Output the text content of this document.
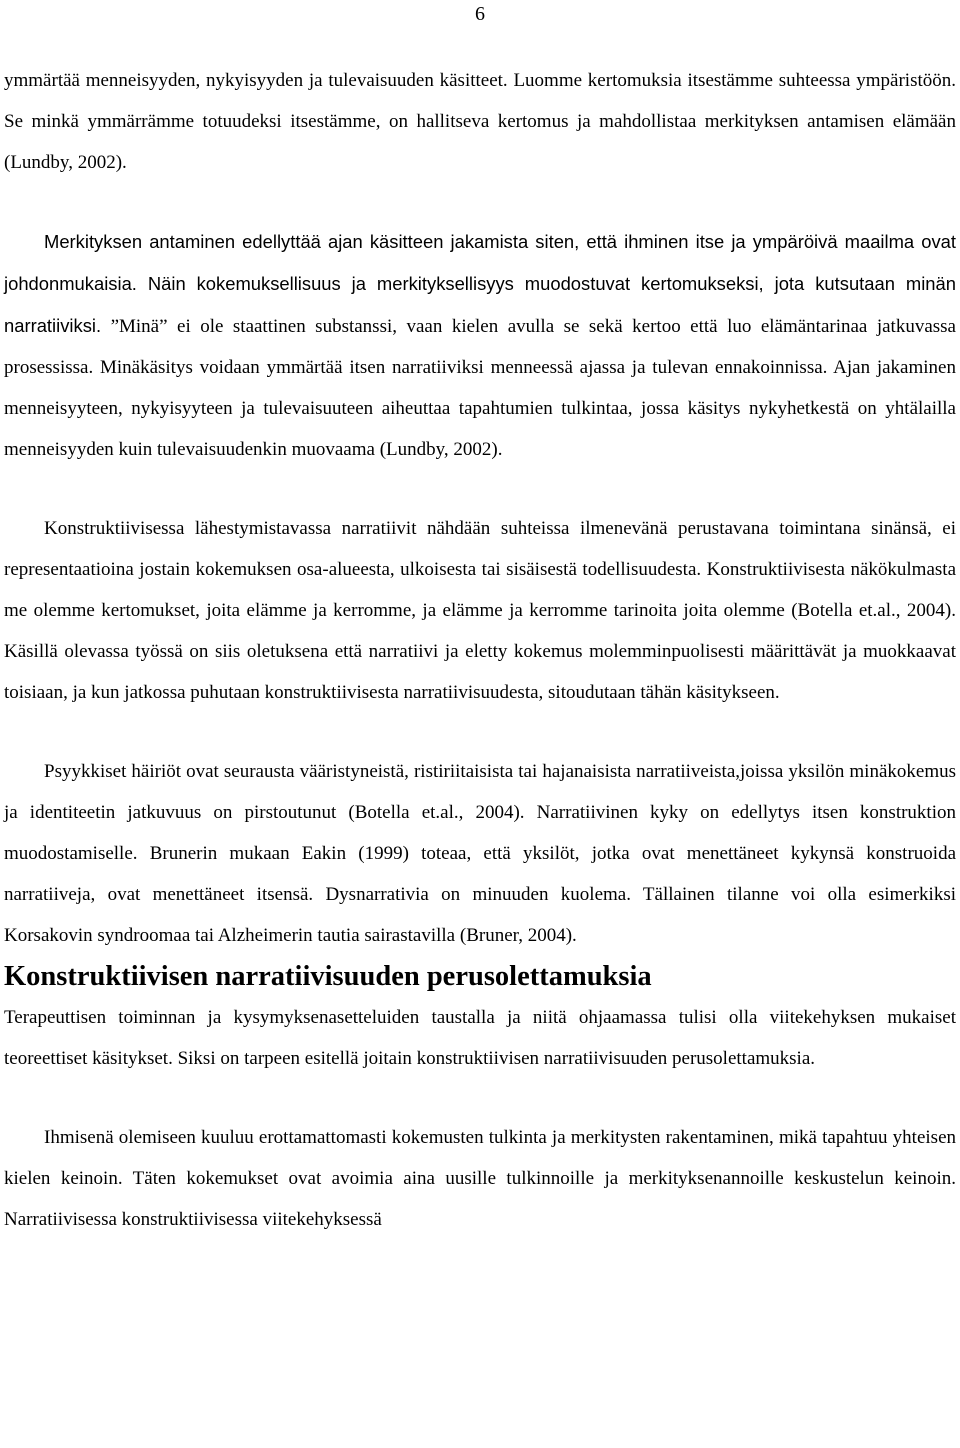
6

ymmärtää menneisyyden, nykyisyyden ja tulevaisuuden käsitteet. Luomme kertomuksia itsestämme suhteessa ympäristöön. Se minkä ymmärrämme totuudeksi itsestämme, on hallitseva kertomus ja mahdollistaa merkityksen antamisen elämään (Lundby, 2002).

Merkityksen antaminen edellyttää ajan käsitteen jakamista siten, että ihminen itse ja ympäröivä maailma ovat johdonmukaisia. Näin kokemuksellisuus ja merkityksellisyys muodostuvat kertomukseksi, jota kutsutaan minän narratiiviksi. ”Minä” ei ole staattinen substanssi, vaan kielen avulla se sekä kertoo että luo elämäntarinaa jatkuvassa prosessissa. Minäkäsitys voidaan ymmärtää itsen narratiiviksi menneessä ajassa ja tulevan ennakoinnissa. Ajan jakaminen menneisyyteen, nykyisyyteen ja tulevaisuuteen aiheuttaa tapahtumien tulkintaa, jossa käsitys nykyhetkestä on yhtälailla menneisyyden kuin tulevaisuudenkin muovaama (Lundby, 2002).

Konstruktiivisessa lähestymistavassa narratiivit nähdään suhteissa ilmenevänä perustavana toimintana sinänsä, ei representaatioina jostain kokemuksen osa-alueesta, ulkoisesta tai sisäisestä todellisuudesta. Konstruktiivisesta näkökulmasta me olemme kertomukset, joita elämme ja kerromme, ja elämme ja kerromme tarinoita joita olemme (Botella et.al., 2004). Käsillä olevassa työssä on siis oletuksena että narratiivi ja eletty kokemus molemminpuolisesti määrittävät ja muokkaavat toisiaan, ja kun jatkossa puhutaan konstruktiivisesta narratiivisuudesta, sitoudutaan tähän käsitykseen.

Psyykkiset häiriöt ovat seurausta vääristyneistä, ristiriitaisista tai hajanaisista narratiiveista,joissa yksilön minäkokemus ja identiteetin jatkuvuus on pirstoutunut (Botella et.al., 2004). Narratiivinen kyky on edellytys itsen konstruktion muodostamiselle. Brunerin mukaan Eakin (1999) toteaa, että yksilöt, jotka ovat menettäneet kykynsä konstruoida narratiiveja, ovat menettäneet itsensä. Dysnarrativia on minuuden kuolema. Tällainen tilanne voi olla esimerkiksi Korsakovin syndroomaa tai Alzheimerin tautia sairastavilla (Bruner, 2004).

Konstruktiivisen narratiivisuuden perusolettamuksia

Terapeuttisen toiminnan ja kysymyksenasetteluiden taustalla ja niitä ohjaamassa tulisi olla viitekehyksen mukaiset teoreettiset käsitykset. Siksi on tarpeen esitellä joitain konstruktiivisen narratiivisuuden perusolettamuksia.

Ihmisenä olemiseen kuuluu erottamattomasti kokemusten tulkinta ja merkitysten rakentaminen, mikä tapahtuu yhteisen kielen keinoin. Täten kokemukset ovat avoimia aina uusille tulkinnoille ja merkityksenannoille keskustelun keinoin. Narratiivisessa konstruktiivisessa viitekehyksessä
